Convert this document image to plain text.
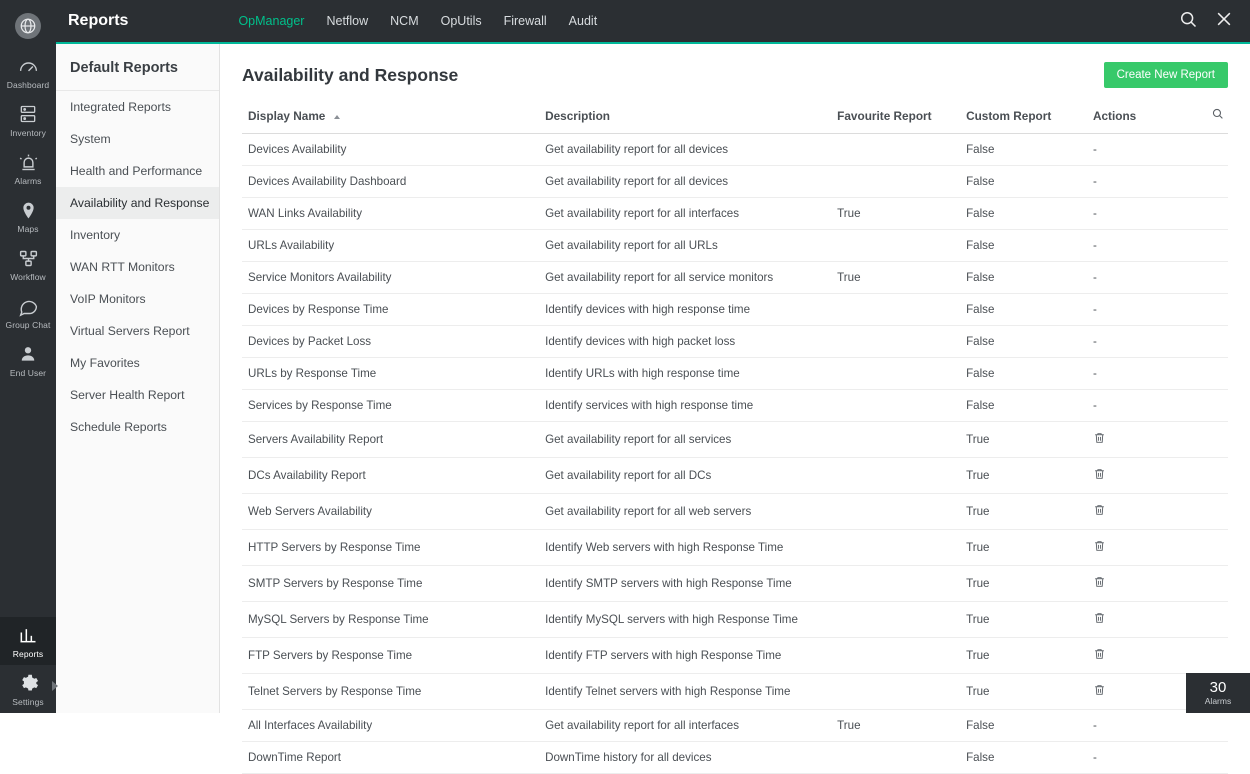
Dashboard
Inventory
Alarms
Maps
Workflow
Group Chat
End User
Reports
Settings
Reports	OpManager Netflow NCM OpUtils Firewall Audit
Default Reports
Integrated Reports
System
Health and Performance
Availability and Response
Inventory
WAN RTT Monitors
VoIP Monitors
Virtual Servers Report
My Favorites
Server Health Report
Schedule Reports
Availability and Response	Create New Report
Display Name	Description	Favourite Report	Custom Report	Actions

Devices Availability	Get availability report for all devices		False	-
Devices Availability Dashboard	Get availability report for all devices		False	-
WAN Links Availability	Get availability report for all interfaces	True	False	-
URLs Availability	Get availability report for all URLs		False	-
Service Monitors Availability	Get availability report for all service monitors	True	False	-
Devices by Response Time	Identify devices with high response time		False	-
Devices by Packet Loss	Identify devices with high packet loss		False	-
URLs by Response Time	Identify URLs with high response time		False	-
Services by Response Time	Identify services with high response time		False	-
Servers Availability Report	Get availability report for all services		True	
DCs Availability Report	Get availability report for all DCs		True	
Web Servers Availability	Get availability report for all web servers		True	
HTTP Servers by Response Time	Identify Web servers with high Response Time		True	
SMTP Servers by Response Time	Identify SMTP servers with high Response Time		True	
MySQL Servers by Response Time	Identify MySQL servers with high Response Time		True	
FTP Servers by Response Time	Identify FTP servers with high Response Time		True	
Telnet Servers by Response Time	Identify Telnet servers with high Response Time		True	
All Interfaces Availability	Get availability report for all interfaces	True	False	-
DownTime Report	DownTime history for all devices		False	-
30
Alarms
